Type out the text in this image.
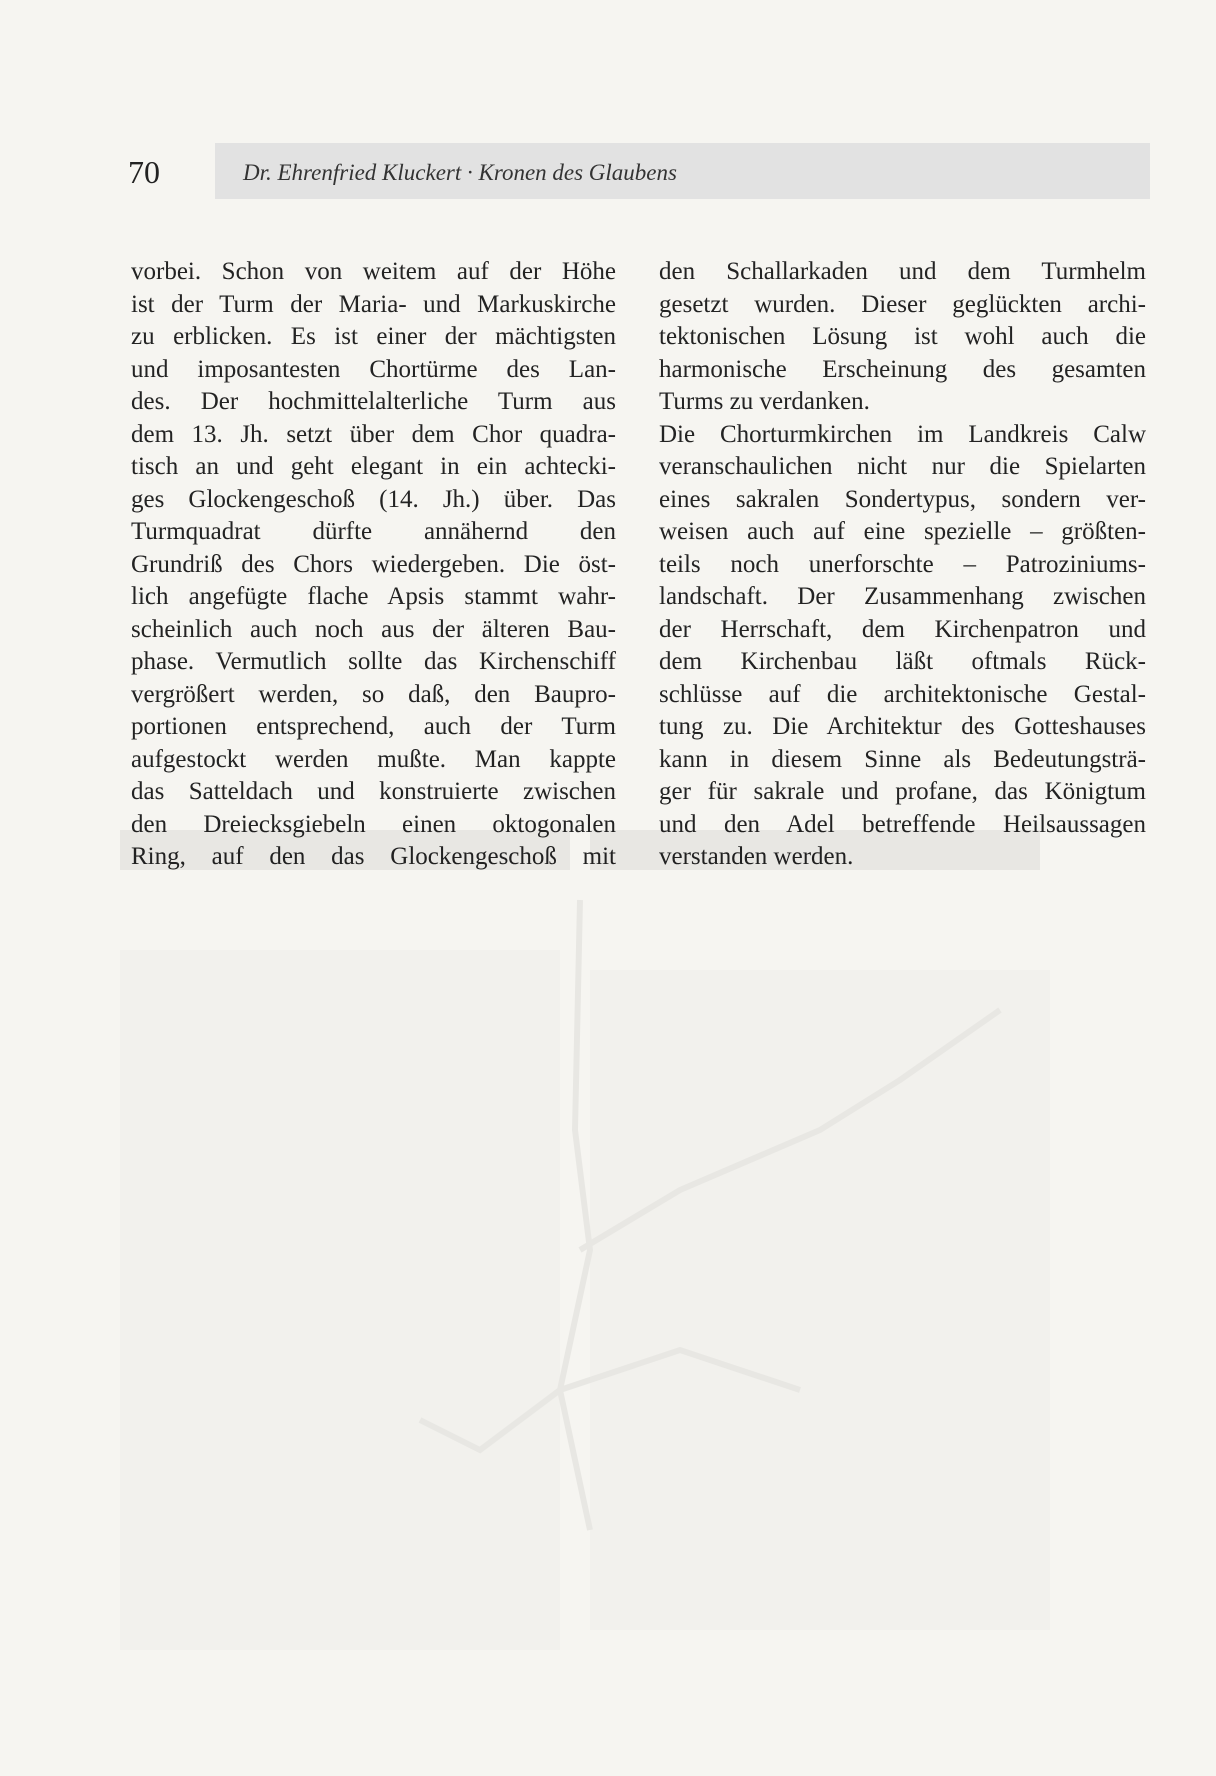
70	Dr. Ehrenfried Kluckert · Kronen des Glaubens
vorbei. Schon von weitem auf der Höhe
ist der Turm der Maria- und Markuskirche
zu erblicken. Es ist einer der mächtigsten
und imposantesten Chortürme des Lan-
des. Der hochmittelalterliche Turm aus
dem 13. Jh. setzt über dem Chor quadra-
tisch an und geht elegant in ein achtecki-
ges Glockengeschoß (14. Jh.) über. Das
Turmquadrat dürfte annähernd den
Grundriß des Chors wiedergeben. Die öst-
lich angefügte flache Apsis stammt wahr-
scheinlich auch noch aus der älteren Bau-
phase. Vermutlich sollte das Kirchenschiff
vergrößert werden, so daß, den Baupro-
portionen entsprechend, auch der Turm
aufgestockt werden mußte. Man kappte
das Satteldach und konstruierte zwischen
den Dreiecksgiebeln einen oktogonalen
Ring, auf den das Glockengeschoß mit
den Schallarkaden und dem Turmhelm
gesetzt wurden. Dieser geglückten archi-
tektonischen Lösung ist wohl auch die
harmonische Erscheinung des gesamten
Turms zu verdanken.
Die Chorturmkirchen im Landkreis Calw
veranschaulichen nicht nur die Spielarten
eines sakralen Sondertypus, sondern ver-
weisen auch auf eine spezielle – größten-
teils noch unerforschte – Patroziniums-
landschaft. Der Zusammenhang zwischen
der Herrschaft, dem Kirchenpatron und
dem Kirchenbau läßt oftmals Rück-
schlüsse auf die architektonische Gestal-
tung zu. Die Architektur des Gotteshauses
kann in diesem Sinne als Bedeutungsträ-
ger für sakrale und profane, das Königtum
und den Adel betreffende Heilsaussagen
verstanden werden.
